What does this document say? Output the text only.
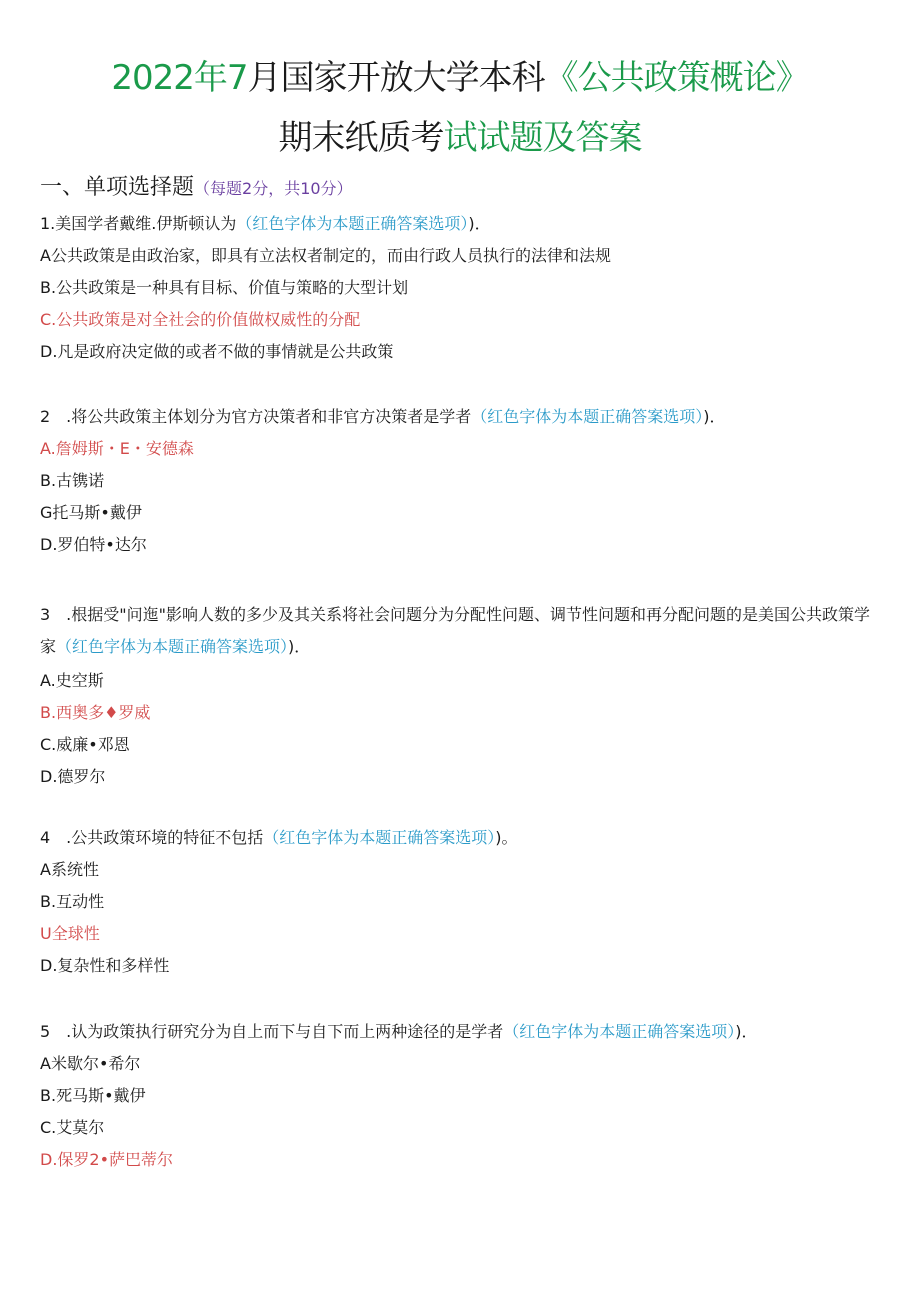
2022年7月国家开放大学本科《公共政策概论》
期末纸质考试试题及答案
一、单项选择题（每题2分，共10分）
1.美国学者戴维.伊斯顿认为（红色字体为本题正确答案选项）)．
A公共政策是由政治家，即具有立法权者制定的，而由行政人员执行的法律和法规
B.公共政策是一种具有目标、价值与策略的大型计划
C.公共政策是对全社会的价值做权威性的分配
D.凡是政府决定做的或者不做的事情就是公共政策
2　.将公共政策主体划分为官方决策者和非官方决策者是学者（红色字体为本题正确答案选项）)．
A.詹姆斯・E・安德森
B.古镌诺
G托马斯•戴伊
D.罗伯特•达尔
3　.根据受"问迤"影响人数的多少及其关系将社会问题分为分配性问题、调节性问题和再分配问题的是美国公共政策学家（红色字体为本题正确答案选项）)．
A.史空斯
B.西奥多♦罗威
C.威廉•邓恩
D.德罗尔
4　.公共政策环境的特征不包括（红色字体为本题正确答案选项）)。
A系统性
B.互动性
U全球性
D.复杂性和多样性
5　.认为政策执行研究分为自上而下与自下而上两种途径的是学者（红色字体为本题正确答案选项）)．
A米歇尔•希尔
B.死马斯•戴伊
C.艾莫尔
D.保罗2•萨巴蒂尔
